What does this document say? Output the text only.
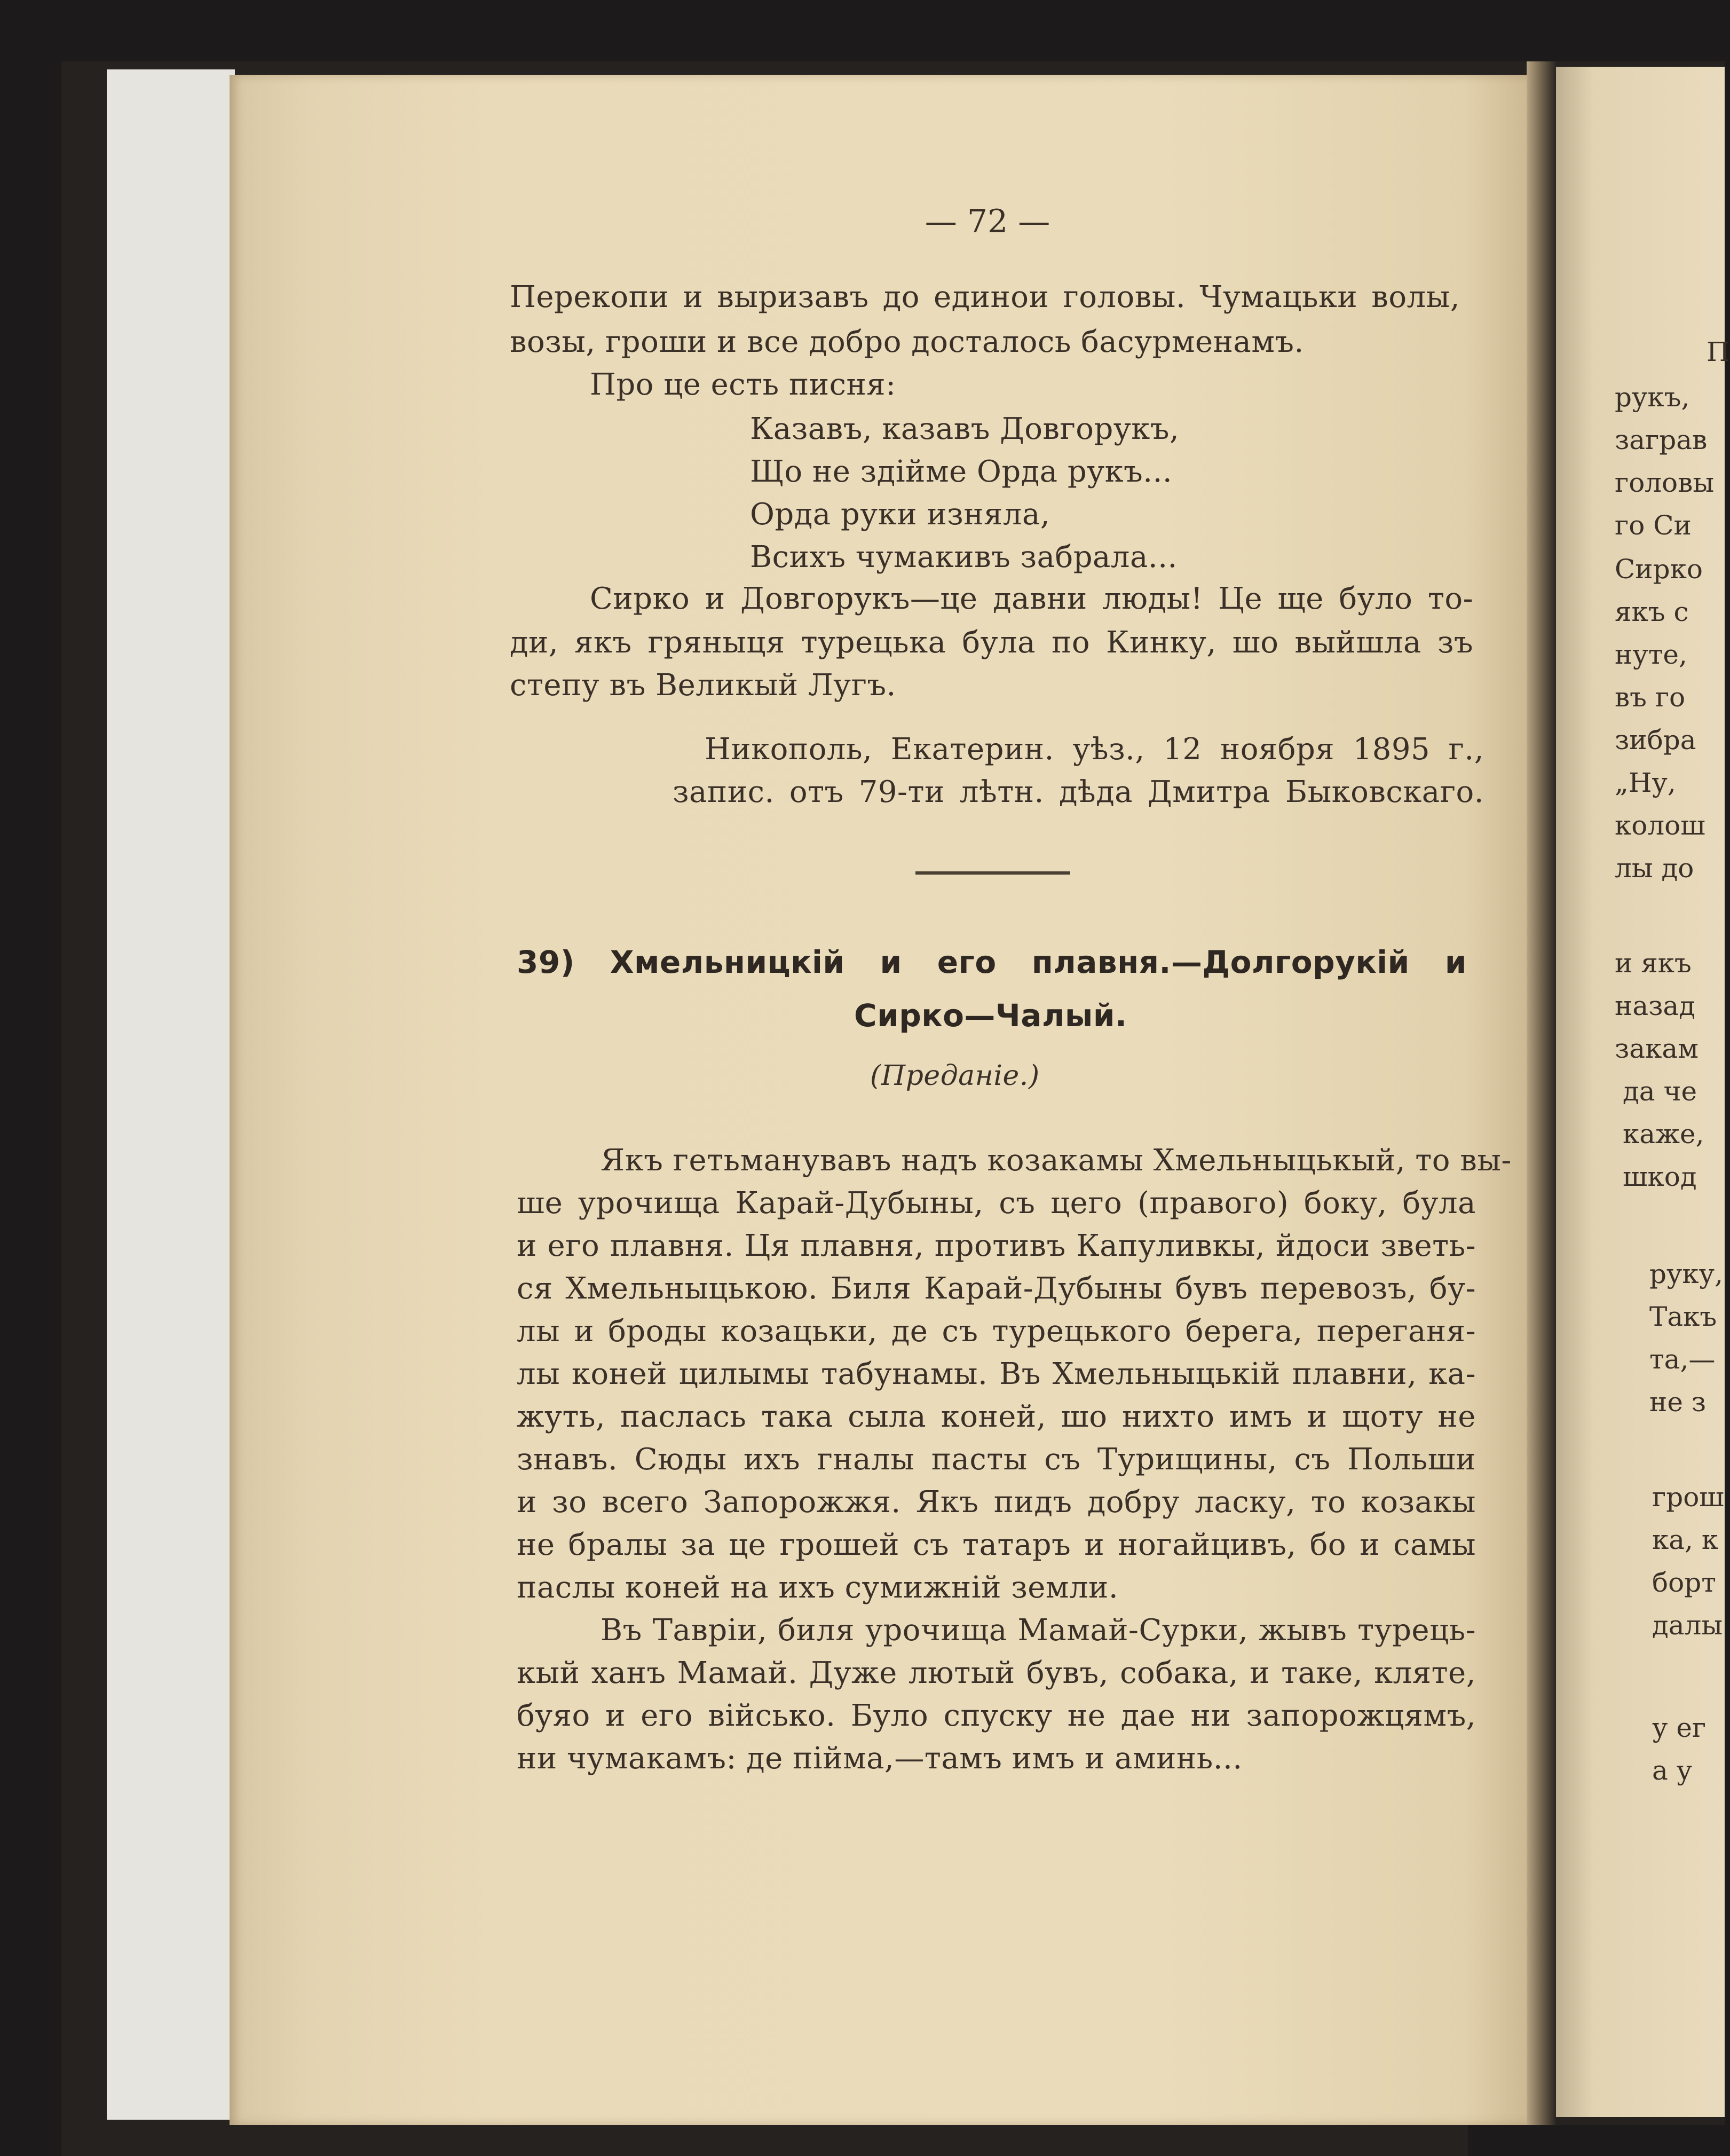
— 72 —
Перекопи и выризавъ до единои головы. Чумацьки волы,
возы, гроши и все добро досталось басурменамъ.
Про це есть писня:
Казавъ, казавъ Довгорукъ,
Що не здійме Орда рукъ...
Орда руки изняла,
Всихъ чумакивъ забрала...
Сирко и Довгорукъ—це давни люды! Це ще було то-
ди, якъ гряныця турецька була по Кинку, шо выйшла зъ
степу въ Великый Лугъ.
Никополь, Екатерин. уѣз., 12 ноября 1895 г.,
запис. отъ 79-ти лѣтн. дѣда Дмитра Быковскаго.
39) Хмельницкій и его плавня.—Долгорукій и
Сирко—Чалый.
(Преданіе.)
Якъ гетьманувавъ надъ козакамы Хмельныцькый, то вы-
ше урочища Карай-Дубыны, съ цего (правого) боку, була
и его плавня. Ця плавня, противъ Капуливкы, йдоси зветь-
ся Хмельныцькою. Биля Карай-Дубыны бувъ перевозъ, бу-
лы и броды козацьки, де съ турецького берега, переганя-
лы коней цилымы табунамы. Въ Хмельныцькій плавни, ка-
жуть, паслась така сыла коней, шо нихто имъ и щоту не
знавъ. Сюды ихъ гналы пасты съ Турищины, съ Польши
и зо всего Запорожжя. Якъ пидъ добру ласку, то козакы
не бралы за це грошей съ татаръ и ногайцивъ, бо и самы
паслы коней на ихъ сумижній земли.
Въ Тавріи, биля урочища Мамай-Сурки, жывъ турець-
кый ханъ Мамай. Дуже лютый бувъ, собака, и таке, кляте,
буяо и его військо. Було спуску не дае ни запорожцямъ,
ни чумакамъ: де пійма,—тамъ имъ и аминь...
П
рукъ,
заграв
головы
го Си
Сирко
якъ с
нуте,
въ го
зибра
„Ну,
колош
лы до
и якъ
назад
закам
да че
каже,
шкод
руку,
Такъ
та,—
не з
грош
ка, к
борт
далы
у ег
а у
